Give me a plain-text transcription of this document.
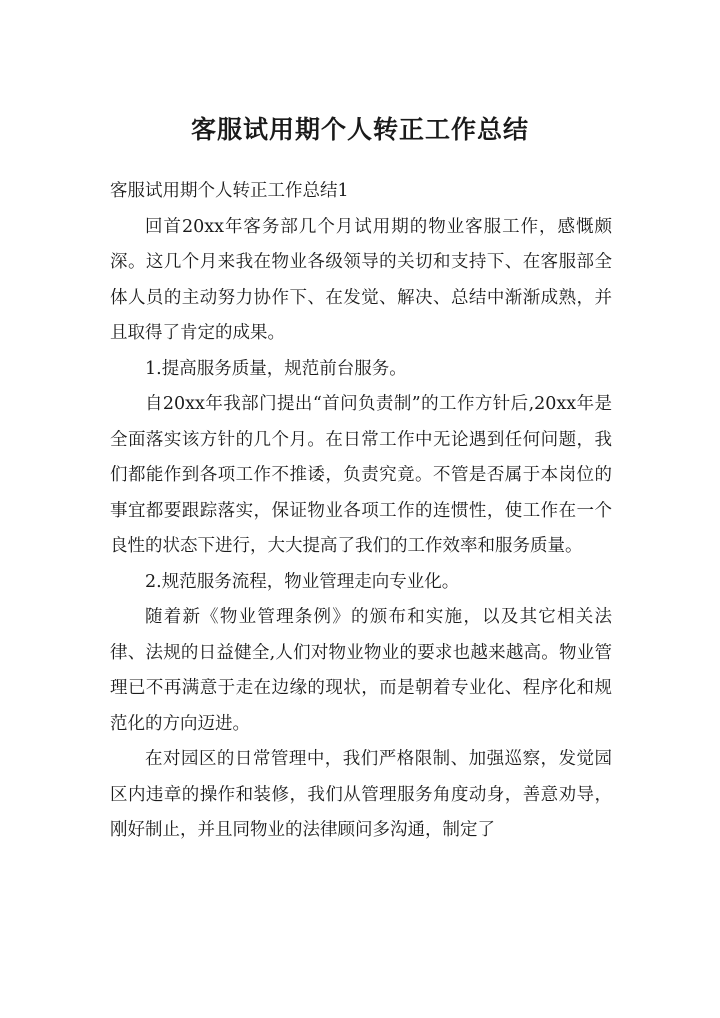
客服试用期个人转正工作总结

客服试用期个人转正工作总结1

回首20xx年客务部几个月试用期的物业客服工作，感慨颇深。这几个月来我在物业各级领导的关切和支持下、在客服部全体人员的主动努力协作下、在发觉、解决、总结中渐渐成熟，并且取得了肯定的成果。

1.提高服务质量，规范前台服务。

自20xx年我部门提出“首问负责制”的工作方针后,20xx年是全面落实该方针的几个月。在日常工作中无论遇到任何问题，我们都能作到各项工作不推诿，负责究竟。不管是否属于本岗位的事宜都要跟踪落实，保证物业各项工作的连惯性，使工作在一个良性的状态下进行，大大提高了我们的工作效率和服务质量。

2.规范服务流程，物业管理走向专业化。

随着新《物业管理条例》的颁布和实施，以及其它相关法律、法规的日益健全,人们对物业物业的要求也越来越高。物业管理已不再满意于走在边缘的现状，而是朝着专业化、程序化和规范化的方向迈进。

在对园区的日常管理中，我们严格限制、加强巡察，发觉园区内违章的操作和装修，我们从管理服务角度动身，善意劝导，刚好制止，并且同物业的法律顾问多沟通，制定了
